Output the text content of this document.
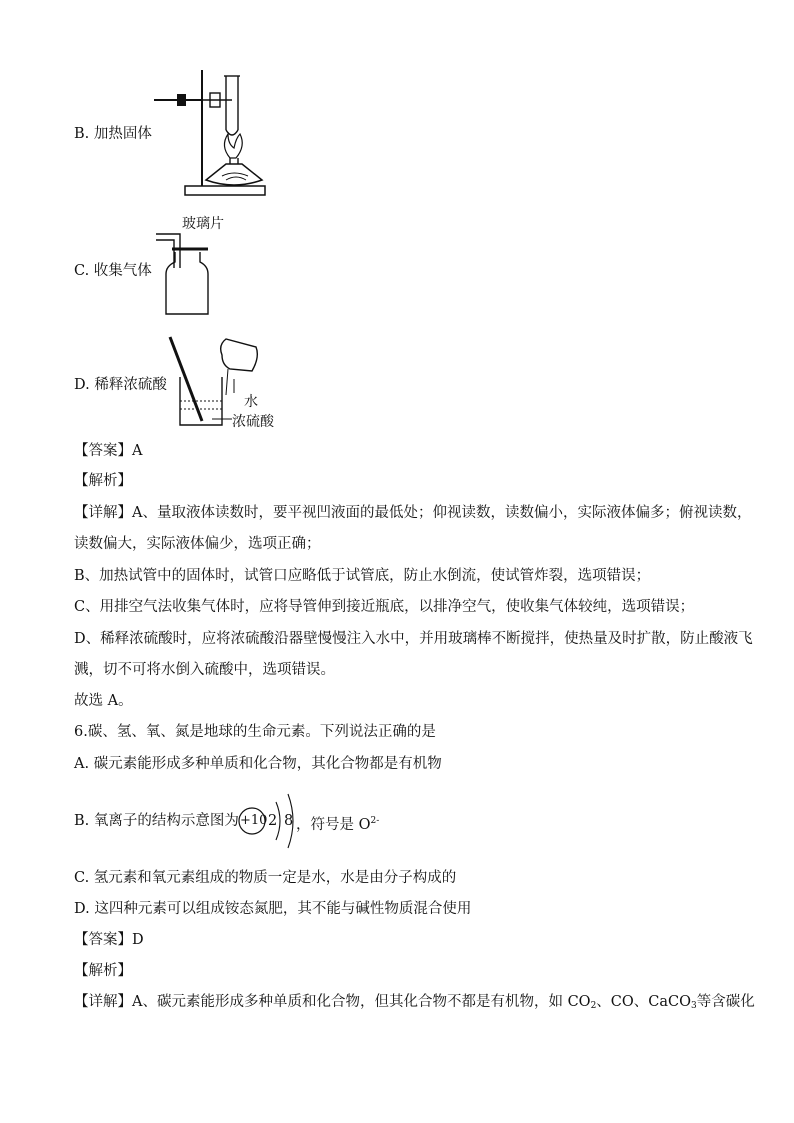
B. 加热固体
C. 收集气体
玻璃片
D. 稀释浓硫酸
水
浓硫酸
【答案】A
【解析】
【详解】A、量取液体读数时，要平视凹液面的最低处；仰视读数，读数偏小，实际液体偏多；俯视读数，
读数偏大，实际液体偏少，选项正确；
B、加热试管中的固体时，试管口应略低于试管底，防止水倒流，使试管炸裂，选项错误；
C、用排空气法收集气体时，应将导管伸到接近瓶底，以排净空气，使收集气体较纯，选项错误；
D、稀释浓硫酸时，应将浓硫酸沿器壁慢慢注入水中，并用玻璃棒不断搅拌，使热量及时扩散，防止酸液飞
溅，切不可将水倒入硫酸中，选项错误。
故选 A。
6.碳、氢、氧、氮是地球的生命元素。下列说法正确的是
A. 碳元素能形成多种单质和化合物，其化合物都是有机物
B. 氧离子的结构示意图为 +10 2 8 ，符号是 $O^{2-}$
C. 氢元素和氧元素组成的物质一定是水，水是由分子构成的
D. 这四种元素可以组成铵态氮肥，其不能与碱性物质混合使用
【答案】D
【解析】
【详解】A、碳元素能形成多种单质和化合物，但其化合物不都是有机物，如 $CO_2$、CO、CaCO$_3$等含碳化
